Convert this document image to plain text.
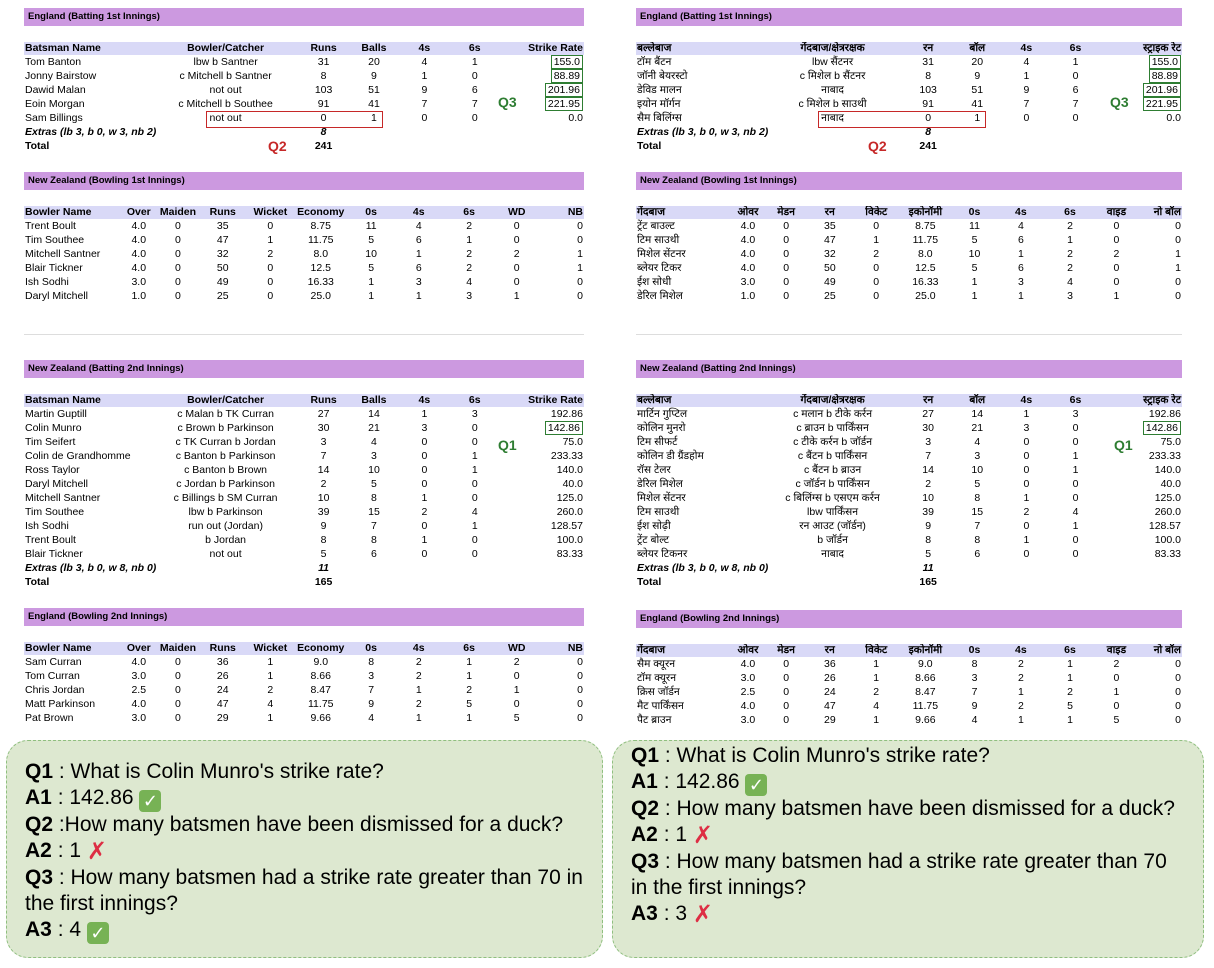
England (Batting 1st Innings)
Batsman Name	Bowler/Catcher	Runs	Balls	4s	6s	Strike Rate
Tom Banton	lbw b Santner	31	20	4	1	155.0
Jonny Bairstow	c Mitchell b Santner	8	9	1	0	88.89
Dawid Malan	not out	103	51	9	6	201.96
Eoin Morgan	c Mitchell b Southee	91	41	7	7	221.95
Sam Billings	not out	0	1	0	0	0.0
Extras (lb 3, b 0, w 3, nb 2)		8				
Total		241				
New Zealand (Bowling 1st Innings)
Bowler Name	Over	Maiden	Runs	Wicket	Economy	0s	4s	6s	WD	NB
Trent Boult	4.0	0	35	0	8.75	11	4	2	0	0
Tim Southee	4.0	0	47	1	11.75	5	6	1	0	0
Mitchell Santner	4.0	0	32	2	8.0	10	1	2	2	1
Blair Tickner	4.0	0	50	0	12.5	5	6	2	0	1
Ish Sodhi	3.0	0	49	0	16.33	1	3	4	0	0
Daryl Mitchell	1.0	0	25	0	25.0	1	1	3	1	0
New Zealand (Batting 2nd Innings)
Batsman Name	Bowler/Catcher	Runs	Balls	4s	6s	Strike Rate
Martin Guptill	c Malan b TK Curran	27	14	1	3	192.86
Colin Munro	c Brown b Parkinson	30	21	3	0	142.86
Tim Seifert	c TK Curran b Jordan	3	4	0	0	75.0
Colin de Grandhomme	c Banton b Parkinson	7	3	0	1	233.33
Ross Taylor	c Banton b Brown	14	10	0	1	140.0
Daryl Mitchell	c Jordan b Parkinson	2	5	0	0	40.0
Mitchell Santner	c Billings b SM Curran	10	8	1	0	125.0
Tim Southee	lbw b Parkinson	39	15	2	4	260.0
Ish Sodhi	run out (Jordan)	9	7	0	1	128.57
Trent Boult	b Jordan	8	8	1	0	100.0
Blair Tickner	not out	5	6	0	0	83.33
Extras (lb 3, b 0, w 8, nb 0)		11				
Total		165				
England (Bowling 2nd Innings)
Bowler Name	Over	Maiden	Runs	Wicket	Economy	0s	4s	6s	WD	NB
Sam Curran	4.0	0	36	1	9.0	8	2	1	2	0
Tom Curran	3.0	0	26	1	8.66	3	2	1	0	0
Chris Jordan	2.5	0	24	2	8.47	7	1	2	1	0
Matt Parkinson	4.0	0	47	4	11.75	9	2	5	0	0
Pat Brown	3.0	0	29	1	9.66	4	1	1	5	0
England (Batting 1st Innings)
बल्लेबाज	गेंदबाज/क्षेत्ररक्षक	रन	बॉल	4s	6s	स्ट्राइक रेट
टॉम बैंटन	lbw सैंटनर	31	20	4	1	155.0
जॉनी बेयरस्टो	c मिशेल b सैंटनर	8	9	1	0	88.89
डेविड मालन	नाबाद	103	51	9	6	201.96
इयोन मॉर्गन	c मिशेल b साउथी	91	41	7	7	221.95
सैम बिलिंग्स	नाबाद	0	1	0	0	0.0
Extras (lb 3, b 0, w 3, nb 2)		8				
Total		241				
New Zealand (Bowling 1st Innings)
गेंदबाज	ओवर	मेडन	रन	विकेट	इकोनॉमी	0s	4s	6s	वाइड	नो बॉल
ट्रेंट बाउल्ट	4.0	0	35	0	8.75	11	4	2	0	0
टिम साउथी	4.0	0	47	1	11.75	5	6	1	0	0
मिशेल सेंटनर	4.0	0	32	2	8.0	10	1	2	2	1
ब्लेयर टिकर	4.0	0	50	0	12.5	5	6	2	0	1
ईश सोधी	3.0	0	49	0	16.33	1	3	4	0	0
डेरिल मिशेल	1.0	0	25	0	25.0	1	1	3	1	0
New Zealand (Batting 2nd Innings)
बल्लेबाज	गेंदबाज/क्षेत्ररक्षक	रन	बॉल	4s	6s	स्ट्राइक रेट
मार्टिन गुप्टिल	c मलान b टीके कर्रन	27	14	1	3	192.86
कोलिन मुनरो	c ब्राउन b पार्किंसन	30	21	3	0	142.86
टिम सीफर्ट	c टीके कर्रन b जॉर्डन	3	4	0	0	75.0
कोलिन डी ग्रैंडहोम	c बैंटन b पार्किंसन	7	3	0	1	233.33
रॉस टेलर	c बैंटन b ब्राउन	14	10	0	1	140.0
डेरिल मिशेल	c जॉर्डन b पार्किंसन	2	5	0	0	40.0
मिशेल सेंटनर	c बिलिंग्स b एसएम कर्रन	10	8	1	0	125.0
टिम साउथी	lbw पार्किंसन	39	15	2	4	260.0
ईश सोढ़ी	रन आउट (जॉर्डन)	9	7	0	1	128.57
ट्रेंट बोल्ट	b जॉर्डन	8	8	1	0	100.0
ब्लेयर टिकनर	नाबाद	5	6	0	0	83.33
Extras (lb 3, b 0, w 8, nb 0)		11				
Total		165				
England (Bowling 2nd Innings)
गेंदबाज	ओवर	मेडन	रन	विकेट	इकोनॉमी	0s	4s	6s	वाइड	नो बॉल
सैम क्यूरन	4.0	0	36	1	9.0	8	2	1	2	0
टॉम क्यूरन	3.0	0	26	1	8.66	3	2	1	0	0
क्रिस जॉर्डन	2.5	0	24	2	8.47	7	1	2	1	0
मैट पार्किंसन	4.0	0	47	4	11.75	9	2	5	0	0
पैट ब्राउन	3.0	0	29	1	9.66	4	1	1	5	0
Q3
Q2
Q1
Q3
Q2
Q1
Q1 : What is Colin Munro's strike rate?
A1 : 142.86 ✓
Q2 :How many batsmen have been dismissed for a duck?
A2 : 1 ✗
Q3 : How many batsmen had a strike rate greater than 70 in the first innings?
A3 : 4 ✓
Q1 : What is Colin Munro's strike rate?
A1 : 142.86 ✓
Q2 : How many batsmen have been dismissed for a duck?
A2 : 1 ✗
Q3 : How many batsmen had a strike rate greater than 70 in the first innings?
A3 : 3 ✗
